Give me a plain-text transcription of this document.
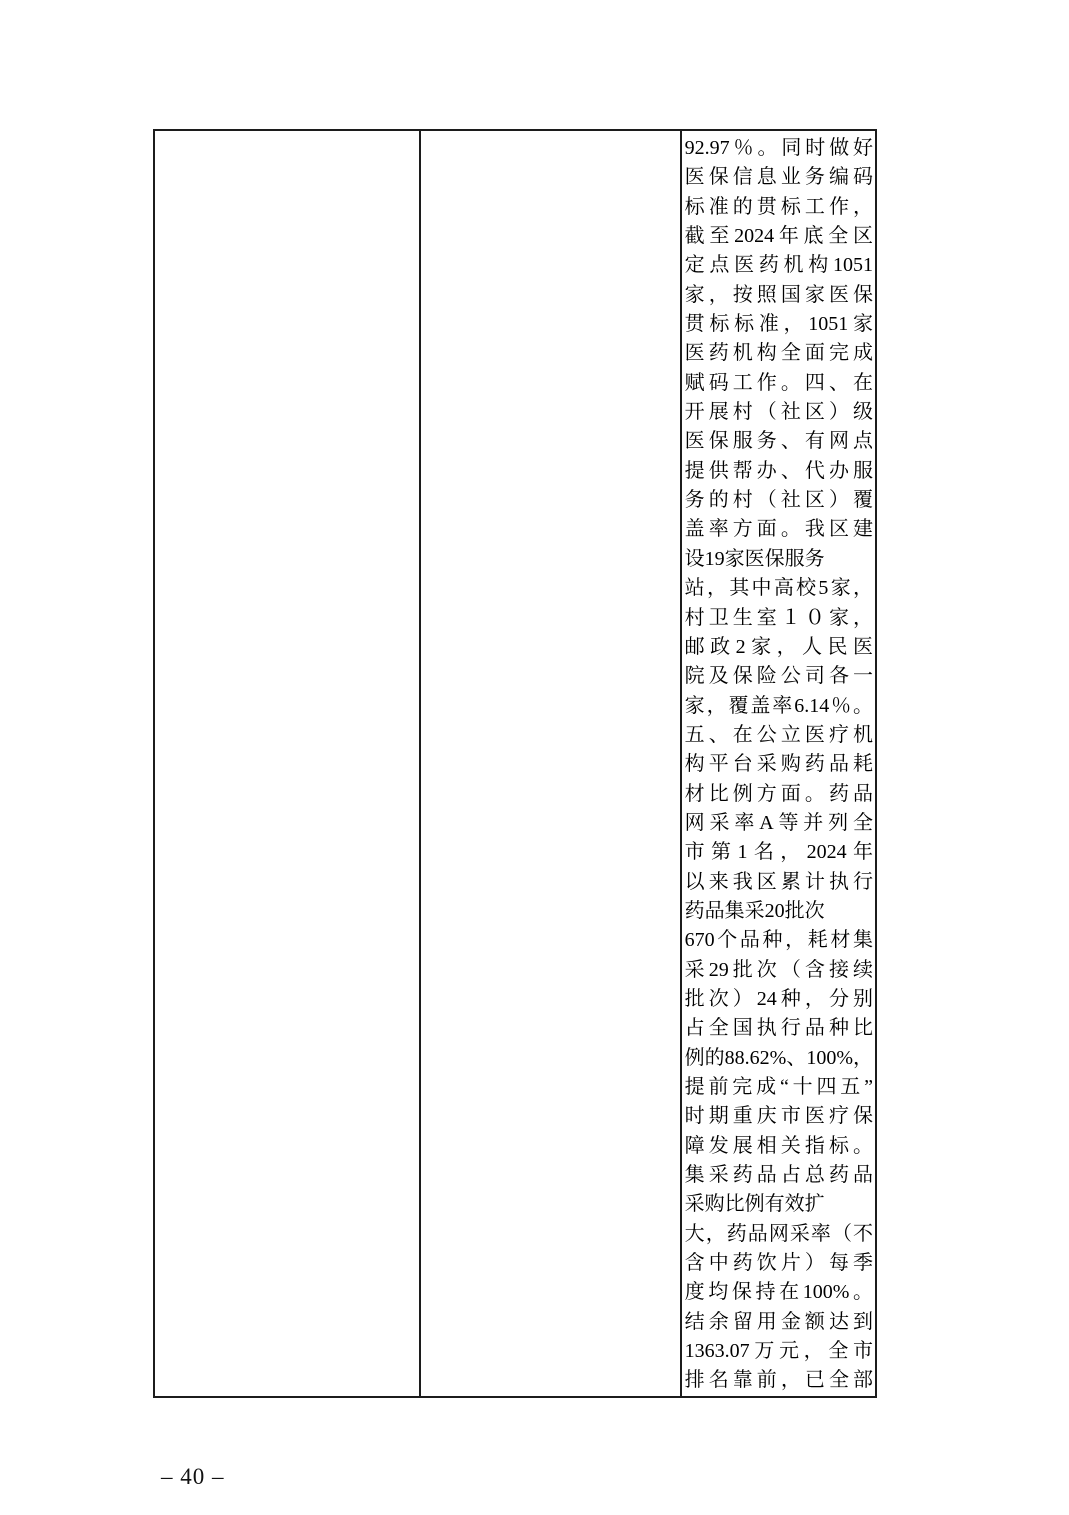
92.97％。同时做好
医保信息业务编码
标准的贯标工作，
截至2024年底全区
定点医药机构1051
家，按照国家医保
贯标标准，1051家
医药机构全面完成
赋码工作。四、在
开展村（社区）级
医保服务、有网点
提供帮办、代办服
务的村（社区）覆
盖率方面。我区建
设19家医保服务
站，其中高校5家，
村卫生室１０家，
邮政2家，人民医
院及保险公司各一
家，覆盖率6.14％。
五、在公立医疗机
构平台采购药品耗
材比例方面。药品
网采率A等并列全
市第1名，2024年
以来我区累计执行
药品集采20批次
670个品种，耗材集
采29批次（含接续
批次）24种，分别
占全国执行品种比
例的88.62%、100%，
提前完成“十四五”
时期重庆市医疗保
障发展相关指标。
集采药品占总药品
采购比例有效扩
大，药品网采率（不
含中药饮片）每季
度均保持在100%。
结余留用金额达到
1363.07万元，全市
排名靠前，已全部
– 40 –
